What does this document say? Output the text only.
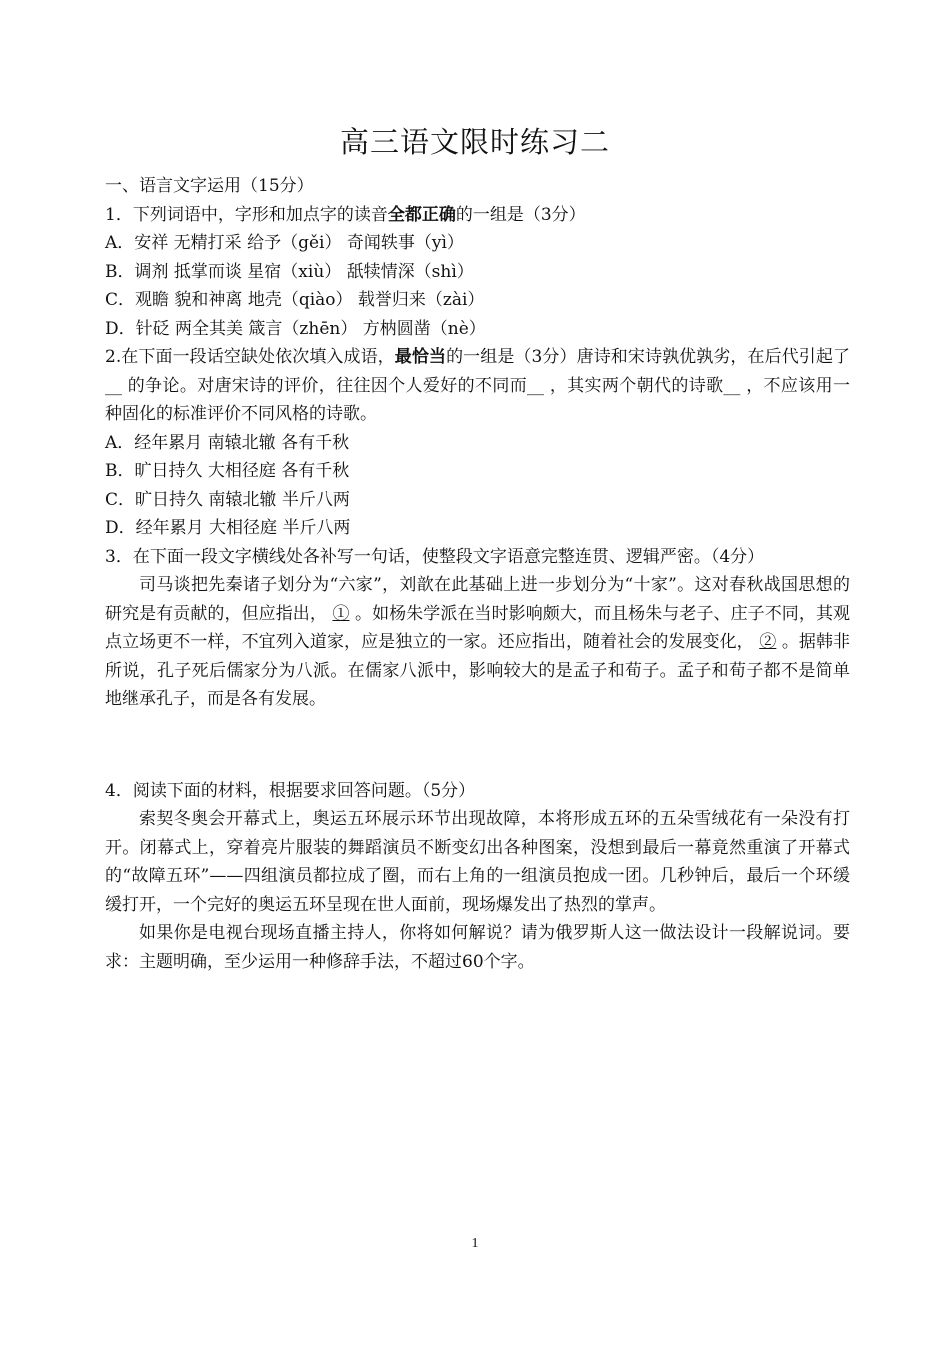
高三语文限时练习二

一、语言文字运用（15分）

1．下列词语中，字形和加点字的读音全都正确的一组是（3分）

A．安祥 无精打采 给予（gěi） 奇闻轶事（yì）

B．调剂 抵掌而谈 星宿（xiù） 舐犊情深（shì）

C．观瞻 貌和神离 地壳（qiào） 载誉归来（zài）

D．针砭 两全其美 箴言（zhēn） 方枘圆凿（nè）

2.在下面一段话空缺处依次填入成语，最恰当的一组是（3分）唐诗和宋诗孰优孰劣，在后代引起了__ 的争论。对唐宋诗的评价，往往因个人爱好的不同而__ ，其实两个朝代的诗歌__ ，不应该用一种固化的标准评价不同风格的诗歌。

A．经年累月 南辕北辙 各有千秋

B．旷日持久 大相径庭 各有千秋

C．旷日持久 南辕北辙 半斤八两

D．经年累月 大相径庭 半斤八两

3．在下面一段文字横线处各补写一句话，使整段文字语意完整连贯、逻辑严密。（4分）

司马谈把先秦诸子划分为“六家”，刘歆在此基础上进一步划分为“十家”。这对春秋战国思想的研究是有贡献的，但应指出， ① 。如杨朱学派在当时影响颇大，而且杨朱与老子、庄子不同，其观点立场更不一样，不宜列入道家，应是独立的一家。还应指出，随着社会的发展变化， ② 。据韩非所说，孔子死后儒家分为八派。在儒家八派中，影响较大的是孟子和荀子。孟子和荀子都不是简单地继承孔子，而是各有发展。

4．阅读下面的材料，根据要求回答问题。（5分）

索契冬奥会开幕式上，奥运五环展示环节出现故障，本将形成五环的五朵雪绒花有一朵没有打开。闭幕式上，穿着亮片服装的舞蹈演员不断变幻出各种图案，没想到最后一幕竟然重演了开幕式的“故障五环”——四组演员都拉成了圈，而右上角的一组演员抱成一团。几秒钟后，最后一个环缓缓打开，一个完好的奥运五环呈现在世人面前，现场爆发出了热烈的掌声。

如果你是电视台现场直播主持人，你将如何解说？请为俄罗斯人这一做法设计一段解说词。要求：主题明确，至少运用一种修辞手法，不超过60个字。

1
